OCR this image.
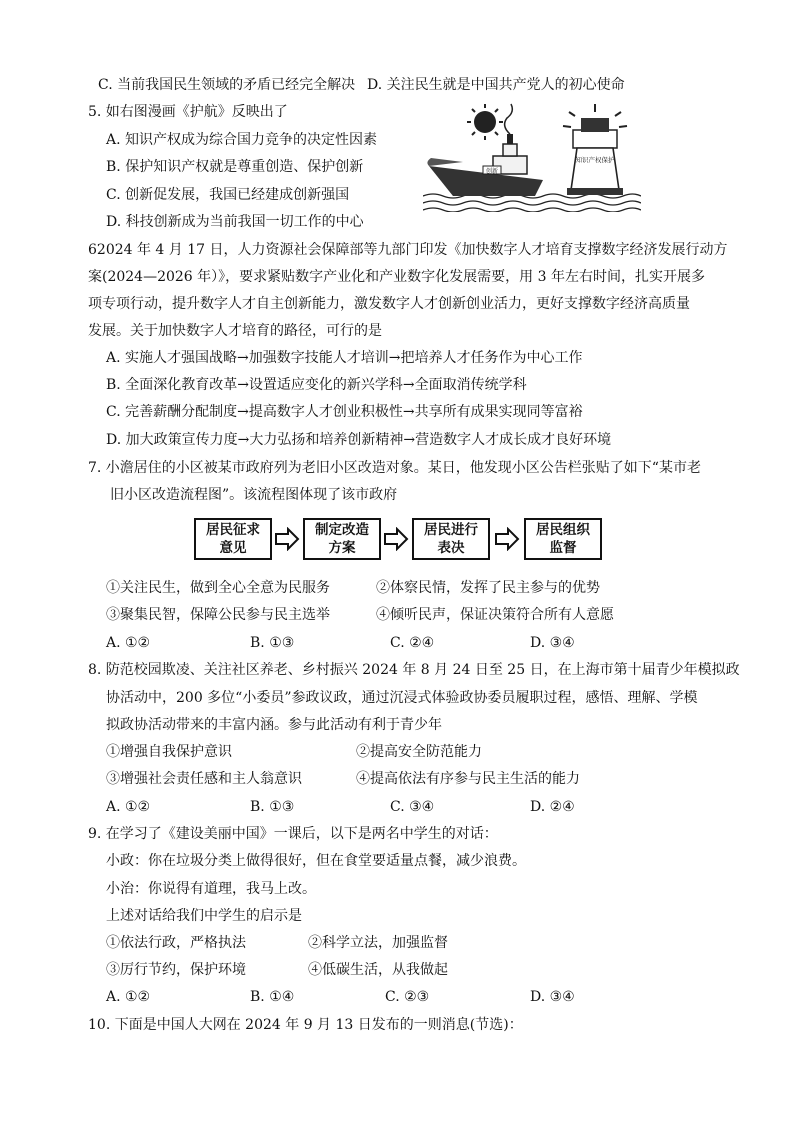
C. 当前我国民生领域的矛盾已经完全解决 D. 关注民生就是中国共产党人的初心使命
5. 如右图漫画《护航》反映出了
A. 知识产权成为综合国力竞争的决定性因素
B. 保护知识产权就是尊重创造、保护创新
C. 创新促发展，我国已经建成创新强国
D. 科技创新成为当前我国一切工作的中心
创新
知识产权保护
62024 年 4 月 17 日，人力资源社会保障部等九部门印发《加快数字人才培育支撑数字经济发展行动方
案(2024—2026 年）》，要求紧贴数字产业化和产业数字化发展需要，用 3 年左右时间，扎实开展多
项专项行动，提升数字人才自主创新能力，激发数字人才创新创业活力，更好支撑数字经济高质量
发展。关于加快数字人才培育的路径，可行的是
A. 实施人才强国战略→加强数字技能人才培训→把培养人才任务作为中心工作
B. 全面深化教育改革→设置适应变化的新兴学科→全面取消传统学科
C. 完善薪酬分配制度→提高数字人才创业积极性→共享所有成果实现同等富裕
D. 加大政策宣传力度→大力弘扬和培养创新精神→营造数字人才成长成才良好环境
7. 小澹居住的小区被某市政府列为老旧小区改造对象。某日，他发现小区公告栏张贴了如下“某市老
旧小区改造流程图”。该流程图体现了该市政府
居民征求意见
制定改造方案
居民进行表决
居民组织监督
①关注民生，做到全心全意为民服务	②体察民情，发挥了民主参与的优势
③聚集民智，保障公民参与民主选举	④倾听民声，保证决策符合所有人意愿
A. ①②	B. ①③	C. ②④	D. ③④
8. 防范校园欺凌、关注社区养老、乡村振兴 2024 年 8 月 24 日至 25 日，在上海市第十届青少年模拟政
协活动中，200 多位“小委员”参政议政，通过沉浸式体验政协委员履职过程，感悟、理解、学模
拟政协活动带来的丰富内涵。参与此活动有利于青少年
①增强自我保护意识	②提高安全防范能力
③增强社会责任感和主人翁意识	④提高依法有序参与民主生活的能力
A. ①②	B. ①③	C. ③④	D. ②④
9. 在学习了《建设美丽中国》一课后，以下是两名中学生的对话：
小政：你在垃圾分类上做得很好，但在食堂要适量点餐，减少浪费。
小治：你说得有道理，我马上改。
上述对话给我们中学生的启示是
①依法行政，严格执法	②科学立法，加强监督
③厉行节约，保护环境	④低碳生活，从我做起
A. ①②	B. ①④	C. ②③	D. ③④
10. 下面是中国人大网在 2024 年 9 月 13 日发布的一则消息(节选)：
